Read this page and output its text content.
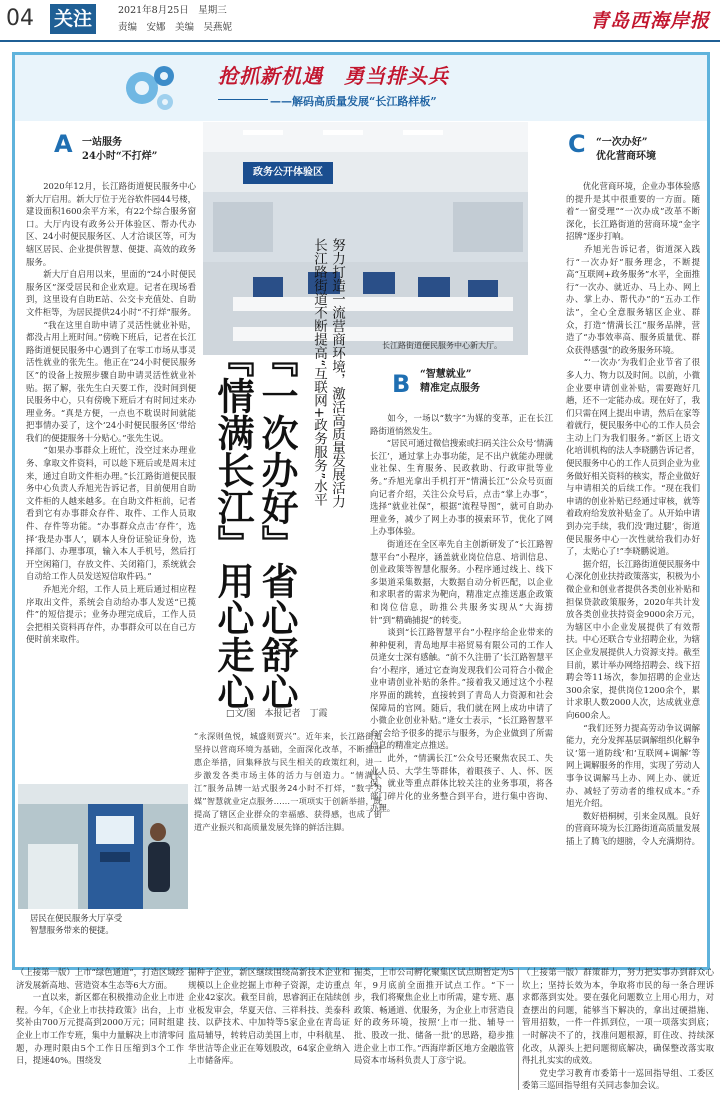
04 关注	2021年8月25日　星期三
责编　安娜　美编　吴燕妮	青岛西海岸报
抢抓新机遇　勇当排头兵
——解码高质量发展“长江路样板”
A 一站服务
24小时“不打烊”
　　2020年12月，长江路街道便民服务中心新大厅启用。新大厅位于光谷软件园44号楼，建设面积1600余平方米，有22个综合服务窗口。大厅内设有政务公开体验区、帮办代办区、24小时便民服务区、人才洽谈区等，可为辖区居民、企业提供智慧、便捷、高效的政务服务。
　　新大厅自启用以来，里面的“24小时便民服务区”深受居民和企业欢迎。记者在现场看到，这里设有自助E站、公交卡充值处、自助文件柜等，为居民提供24小时“不打烊”服务。
　　“我在这里自助申请了灵活性就业补贴，都没占用上班时间。”傍晚下班后，记者在长江路街道便民服务中心遇到了在零工市场从事灵活性就业的张先生。他正在“24小时便民服务区”的设备上按照步骤自助申请灵活性就业补贴。据了解，张先生白天要工作，没时间到便民服务中心，只有傍晚下班后才有时间过来办理业务。“真是方便，一点也不耽误时间就能把事情办妥了，这个‘24小时便民服务区’带给我们的便捷服务十分贴心。”张先生说。
　　“如果办事群众上班忙，没空过来办理业务、拿取文件资料，可以趁下班后或是周末过来，通过自助文件柜办理。”长江路街道便民服务中心负责人乔旭光告诉记者，目前便用自助文件柜的人越来越多。在自助文件柜前，记者看到它有办事群众存件、取件、工作人员取件、存件等功能。“办事群众点击‘存件’，选择‘我是办事人’，刷本人身份证验证身份，选择部门、办理事项，输入本人手机号，然后打开空闲箱门，存放文件、关闭箱门，系统就会自动给工作人员发送短信取件码。”
　　乔旭光介绍，工作人员上班后通过相应程序取出文件，系统会自动给办事人发送“已揽件”的短信提示；业务办理完成后，工作人员会把相关资料再存件，办事群众可以在自己方便时前来取件。
政务公开体验区
长江路街道便民服务中心新大厅。
努力打造一流营商环境，激活高质量发展活力
长江路街道不断提高“互联网+政务服务”水平
『一次办好』省心舒心
『情满长江』用心走心
□文/图　本报记者　丁霞
“永深则鱼悦，城盛则贾兴”。近年来，长江路街道坚持以营商环境为基础，全面深化改革，不断推出惠企举措，回集释放与民生相关的政策红利，进一步激发各类市场主体的活力与创造力。“情满长江”服务品牌一站式服务24小时不打烊，“数字为媒”智慧就业定点服务……一项项实于创新举措，既提高了辖区企业群众的幸福感、获得感，也成了街道产业振兴和高质量发展先锋的鲜活注脚。
居民在便民服务大厅享受
智慧服务带来的便捷。
B “智慧就业”
精准定点服务
　　如今，一场以“数字”为媒的变革，正在长江路街道悄然发生。
　　“居民可通过微信搜索或扫码关注公众号‘情满长江’，通过掌上办事功能，足不出户就能办理就业社保、生育服务、民政救助、行政审批等业务。”乔旭光拿出手机打开“情满长江”公众号页面向记者介绍，关注公众号后，点击“掌上办事”，选择“就业社保”，根据“流程导图”，就可自助办理业务，减少了网上办事的摸索环节，优化了网上办事体验。
　　街道还在全区率先自主创新研发了“长江路智慧平台”小程序，涵盖就业岗位信息、培训信息、创业政策等智慧化服务。小程序通过线上、线下多渠道采集数据，大数据自动分析匹配，以企业和求职者的需求为靶向，精准定点推送惠企政策和岗位信息，助推公共服务实现从“大海捞针”到“精确捕捉”的转变。
　　谈到“长江路智慧平台”小程序给企业带来的种种便利，青岛地厚丰裕贸易有限公司的工作人员逄女士深有感触。“前不久注册了‘长江路智慧平台’小程序，通过它查询发现我们公司符合小微企业申请创业补贴的条件。”接着我又通过这个小程序界面的跳转，直接转到了青岛人力资源和社会保障局的官网。随后，我们就在网上成功申请了小微企业创业补贴。”逄女士表示，“长江路智慧平台”会给予很多的提示与服务，为企业做到了所需信息的精准定点推送。
　　此外，“情满长江”公众号还聚焦农民工、失业人员、大学生等群体，着眼孩子、人、怀、医保、就业等重点群体比较关注的业务事项，将各部门碎片化的业务整合到平台，进行集中咨询、办理。
C “一次办好”
优化营商环境
　　优化营商环境，企业办事体验感的提升是其中很重要的一方面。随着“一窗受理”“一次办成”改革不断深化，长江路街道的营商环境“金字招牌”逐步打响。
　　乔旭光告诉记者，街道深入践行“一次办好”服务理念，不断提高“互联网+政务服务”水平，全面推行“一次办、就近办、马上办、网上办、掌上办、帮代办”的“五办工作法”，全心全意服务辖区企业、群众，打造“情满长江”服务品牌，营造了“办事效率高、服务质量优、群众获得感强”的政务服务环境。
　　“‘一次办’为我们企业节省了很多人力、物力以及时间。以前，小微企业要申请创业补贴，需要跑好几趟，还不一定能办成。现在好了，我们只需在网上提出申请，然后在家等着就行，便民服务中心的工作人员会主动上门为我们服务。”新区上语文化培训机构的法人李晓鹏告诉记者，便民服务中心的工作人员到企业为业务做好相关资料的核实，帮企业做好与申请相关的后续工作。“现在我们申请的创业补贴已经通过审核，就等着政府给发放补贴金了。从开始申请到办完手续，我们没‘跑过腿’，街道便民服务中心一次性就给我们办好了，太贴心了!”李晓鹏说道。
　　据介绍，长江路街道便民服务中心深化创业扶持政策落实，积极为小微企业和创业者提供各类创业补贴和担保贷款政策服务，2020年共计发放各类创业扶持资金9000余万元，为辖区中小企业发展提供了有效帮扶。中心还联合专业招聘企业，为辖区企业发展提供人力资源支持。截至目前，累计举办网络招聘会、线下招聘会等11场次，参加招聘的企业达300余家，提供岗位1200余个，累计求职人数2000人次，达成就业意向600余人。
　　“我们还努力提高劳动争议调解能力，充分发挥基层调解组织化解争议‘第一道防线’和‘互联网+调解’等网上调解服务的作用，实现了劳动人事争议调解马上办、网上办、就近办、减轻了劳动者的维权成本。”乔旭光介绍。
　　数好梧桐树，引来金凤凰。良好的营商环境为长江路街道高质量发展插上了腾飞的翅膀，令人充满期待。
（上接第一版）上市“绿色通道”，打造区域经济发展新高地、营造资本生态等6大方面。
　　一直以来，新区都在积极推动企业上市进程。今年，《企业上市扶持政策》出台，上市奖补由700万元提高到2000万元；同时组建企业上市工作专班，集中力量解决上市清零问题，办理时限由5个工作日压缩到3个工作日，提速40%。围绕发
掘种子企业，新区继续围绕高新技术企业和规模以上企业挖掘上市种子资源，走访重点企业42家次。截至目前，思睿润正在陆续创业板发审会，华夏天信、三祥科技、美泰科技、以萨技术、中加特等5家企业在青岛证监局辅导，转转启动美国上市，中科航星、华世洁等企业正在筹划股改，64家企业纳入上市储备库。
掘类，上市公司孵化聚集区试点期暂定为5年，9月底前全面推开试点工作。“下一步，我们将聚焦企业上市所需，建专班、惠政策、畅通道、优服务，为企业上市营造良好的政务环境，按照‘上市一批、辅导一批、股改一批、储备一批’的思路，稳步推进企业上市工作。”西海岸新区地方金融监管局资本市场科负责人丁彦宁说。
（上接第一版）群策群力，努力把实事办到群众心坎上；坚持长效为本，争取将市民的每一条合理诉求都落到实处。要在强化问题数立上用心用力，对查摆出的问题，能够当下解决的，拿出过硬措施、管用招数，一件一件抓到位，一项一项落实到底；一时解决不了的，找准问题根源，盯住改、持续深化改，从源头上把问题彻底解决，确保整改落实取得扎扎实实的成效。
　　党史学习教育市委第十一巡回指导组、工委区委第三巡回指导组有关同志参加会议。
